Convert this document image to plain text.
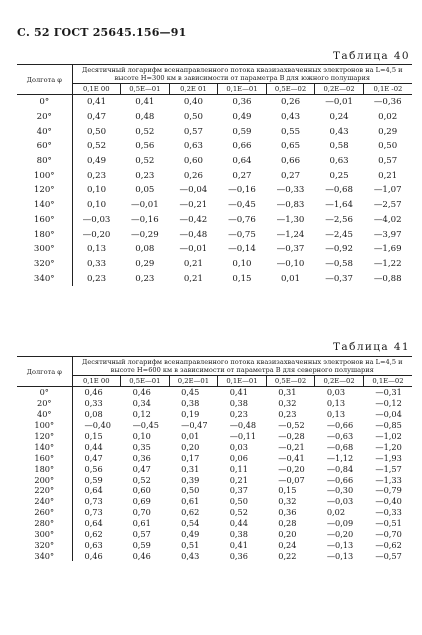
С. 52 ГОСТ 25645.156—91
Таблица 40
Долгота φ	Десятичный логарифм всенаправленного потока квазизахваченных электронов на L=4,5 и высоте H=300 км в зависимости от параметра B для южного полушария						
	0,1E 00	0,5E—01	0,2E 01	0,1E—01	0,5E—02	0,2E—02	0,1E -02
0°	0,41	0,41	0,40	0,36	0,26	—0,01	—0,36
20°	0,47	0,48	0,50	0,49	0,43	0,24	0,02
40°	0,50	0,52	0,57	0,59	0,55	0,43	0,29
60°	0,52	0,56	0,63	0,66	0,65	0,58	0,50
80°	0,49	0,52	0,60	0,64	0,66	0,63	0,57
100°	0,23	0,23	0,26	0,27	0,27	0,25	0,21
120°	0,10	0,05	—0,04	—0,16	—0,33	—0,68	—1,07
140°	0,10	—0,01	—0,21	—0,45	—0,83	—1,64	—2,57
160°	—0,03	—0,16	—0,42	—0,76	—1,30	—2,56	—4,02
180°	—0,20	—0,29	—0,48	—0,75	—1,24	—2,45	—3,97
300°	0,13	0,08	—0,01	—0,14	—0,37	—0,92	—1,69
320°	0,33	0,29	0,21	0,10	—0,10	—0,58	—1,22
340°	0,23	0,23	0,21	0,15	0,01	—0,37	—0,88
Таблица 41
Долгота φ	Десятичный логарифм всенаправленного потока квазизахваченных электронов на L=4,5 и высоте H=600 км в зависимости от параметра B для северного полушария						
	0,1E 00	0,5E—01	0,2E—01	0,1E—01	0,5E—02	0,2E—02	0,1E—02
0°	0,46	0,46	0,45	0,41	0,31	0,03	—0,31
20°	0,33	0,34	0,38	0,38	0,32	0,13	—0,12
40°	0,08	0,12	0,19	0,23	0,23	0,13	—0,04
100°	—0,40	—0,45	—0,47	—0,48	—0,52	—0,66	—0,85
120°	0,15	0,10	0,01	—0,11	—0,28	—0,63	—1,02
140°	0,44	0,35	0,20	0,03	—0,21	—0,68	—1,20
160°	0,47	0,36	0,17	0,06	—0,41	—1,12	—1,93
180°	0,56	0,47	0,31	0,11	—0,20	—0,84	—1,57
200°	0,59	0,52	0,39	0,21	—0,07	—0,66	—1,33
220°	0,64	0,60	0,50	0,37	0,15	—0,30	—0,79
240°	0,73	0,69	0,61	0,50	0,32	—0,03	—0,40
260°	0,73	0,70	0,62	0,52	0,36	0,02	—0,33
280°	0,64	0,61	0,54	0,44	0,28	—0,09	—0,51
300°	0,62	0,57	0,49	0,38	0,20	—0,20	—0,70
320°	0,63	0,59	0,51	0,41	0,24	—0,13	—0,62
340°	0,46	0,46	0,43	0,36	0,22	—0,13	—0,57
